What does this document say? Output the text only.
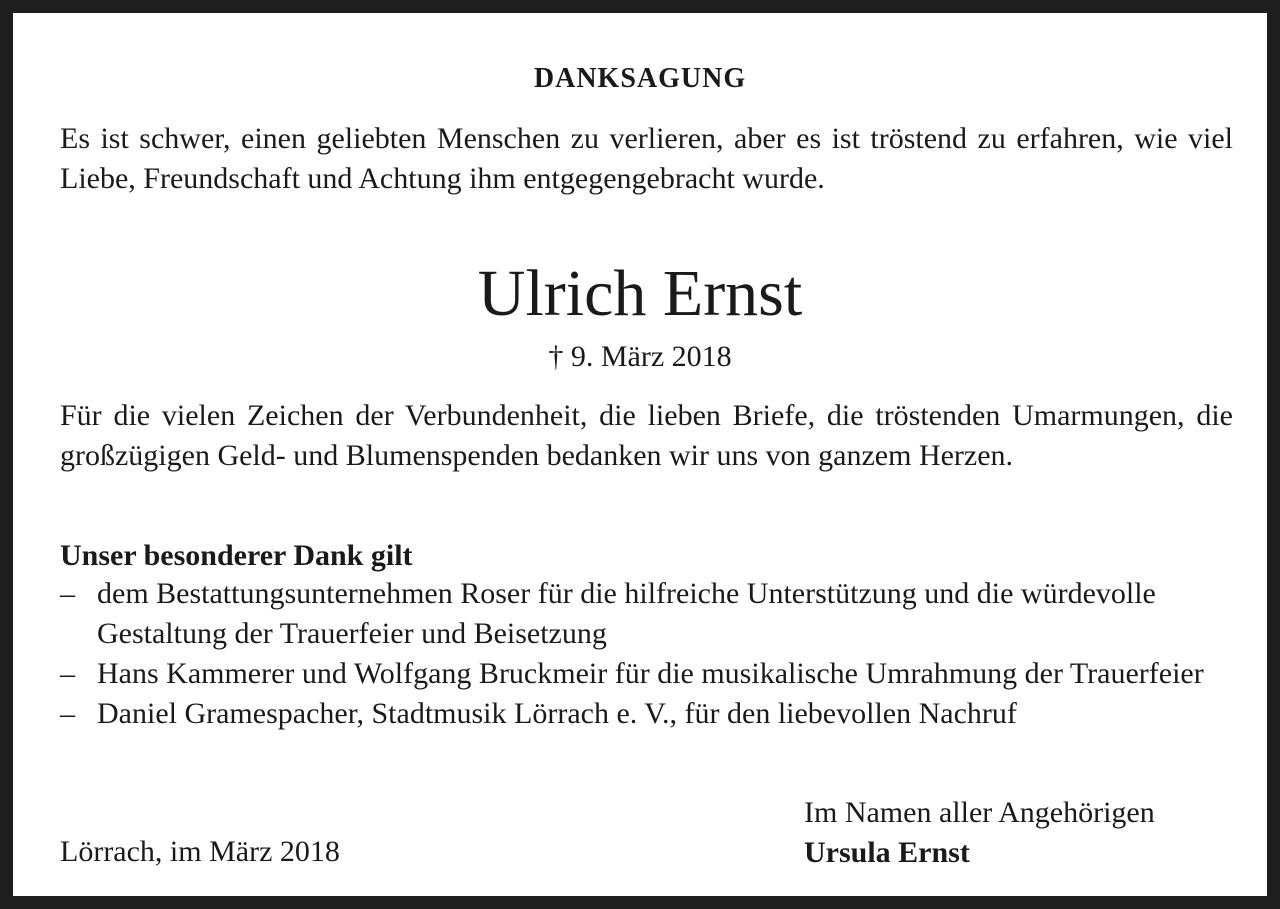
DANKSAGUNG

Es ist schwer, einen geliebten Menschen zu verlieren, aber es ist tröstend zu erfahren, wie viel Liebe, Freundschaft und Achtung ihm entgegengebracht wurde.

Ulrich Ernst

† 9. März 2018

Für die vielen Zeichen der Verbundenheit, die lieben Briefe, die tröstenden Umarmungen, die großzügigen Geld- und Blumenspenden bedanken wir uns von ganzem Herzen.

Unser besonderer Dank gilt

– dem Bestattungsunternehmen Roser für die hilfreiche Unterstützung und die würdevolle Gestaltung der Trauerfeier und Beisetzung
– Hans Kammerer und Wolfgang Bruckmeir für die musikalische Umrahmung der Trauerfeier
– Daniel Gramespacher, Stadtmusik Lörrach e. V., für den liebevollen Nachruf

Lörrach, im März 2018

Im Namen aller Angehörigen
Ursula Ernst
